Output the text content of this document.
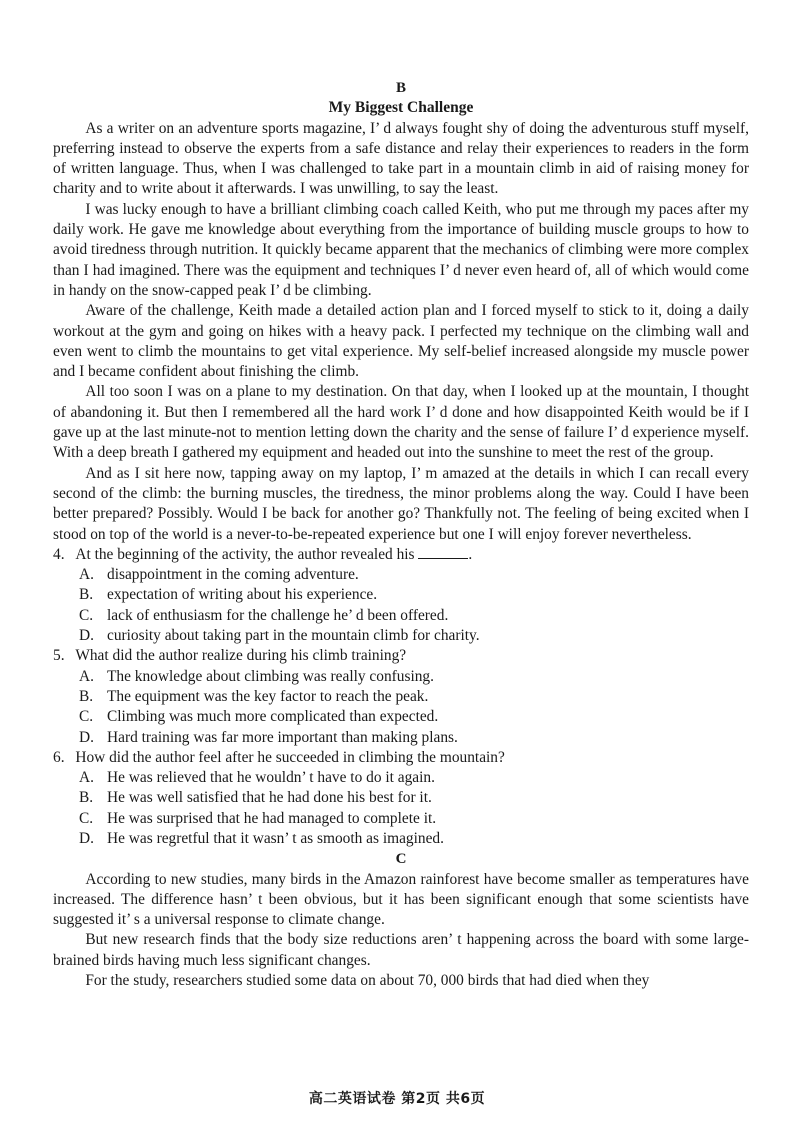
B
My Biggest Challenge

As a writer on an adventure sports magazine, I’ d always fought shy of doing the adventurous stuff myself, preferring instead to observe the experts from a safe distance and relay their experiences to readers in the form of written language. Thus, when I was challenged to take part in a mountain climb in aid of raising money for charity and to write about it afterwards. I was unwilling, to say the least.

I was lucky enough to have a brilliant climbing coach called Keith, who put me through my paces after my daily work. He gave me knowledge about everything from the importance of building muscle groups to how to avoid tiredness through nutrition. It quickly became apparent that the mechanics of climbing were more complex than I had imagined. There was the equipment and techniques I’ d never even heard of, all of which would come in handy on the snow-capped peak I’ d be climbing.

Aware of the challenge, Keith made a detailed action plan and I forced myself to stick to it, doing a daily workout at the gym and going on hikes with a heavy pack. I perfected my technique on the climbing wall and even went to climb the mountains to get vital experience. My self-belief increased alongside my muscle power and I became confident about finishing the climb.

All too soon I was on a plane to my destination. On that day, when I looked up at the mountain, I thought of abandoning it. But then I remembered all the hard work I’ d done and how disappointed Keith would be if I gave up at the last minute-not to mention letting down the charity and the sense of failure I’ d experience myself. With a deep breath I gathered my equipment and headed out into the sunshine to meet the rest of the group.

And as I sit here now, tapping away on my laptop, I’ m amazed at the details in which I can recall every second of the climb: the burning muscles, the tiredness, the minor problems along the way. Could I have been better prepared? Possibly. Would I be back for another go? Thankfully not. The feeling of being excited when I stood on top of the world is a never-to-be-repeated experience but one I will enjoy forever nevertheless.

4. At the beginning of the activity, the author revealed his	.

A. disappointment in the coming adventure.

B. expectation of writing about his experience.

C. lack of enthusiasm for the challenge he’ d been offered.

D. curiosity about taking part in the mountain climb for charity.

5. What did the author realize during his climb training?

A. The knowledge about climbing was really confusing.

B. The equipment was the key factor to reach the peak.

C. Climbing was much more complicated than expected.

D. Hard training was far more important than making plans.

6. How did the author feel after he succeeded in climbing the mountain?

A. He was relieved that he wouldn’ t have to do it again.

B. He was well satisfied that he had done his best for it.

C. He was surprised that he had managed to complete it.

D. He was regretful that it wasn’ t as smooth as imagined.

C

According to new studies, many birds in the Amazon rainforest have become smaller as temperatures have increased. The difference hasn’ t been obvious, but it has been significant enough that some scientists have suggested it’ s a universal response to climate change.

But new research finds that the body size reductions aren’ t happening across the board with some large-brained birds having much less significant changes.

For the study, researchers studied some data on about 70, 000 birds that had died when they

高二英语试卷 第2页 共6页
